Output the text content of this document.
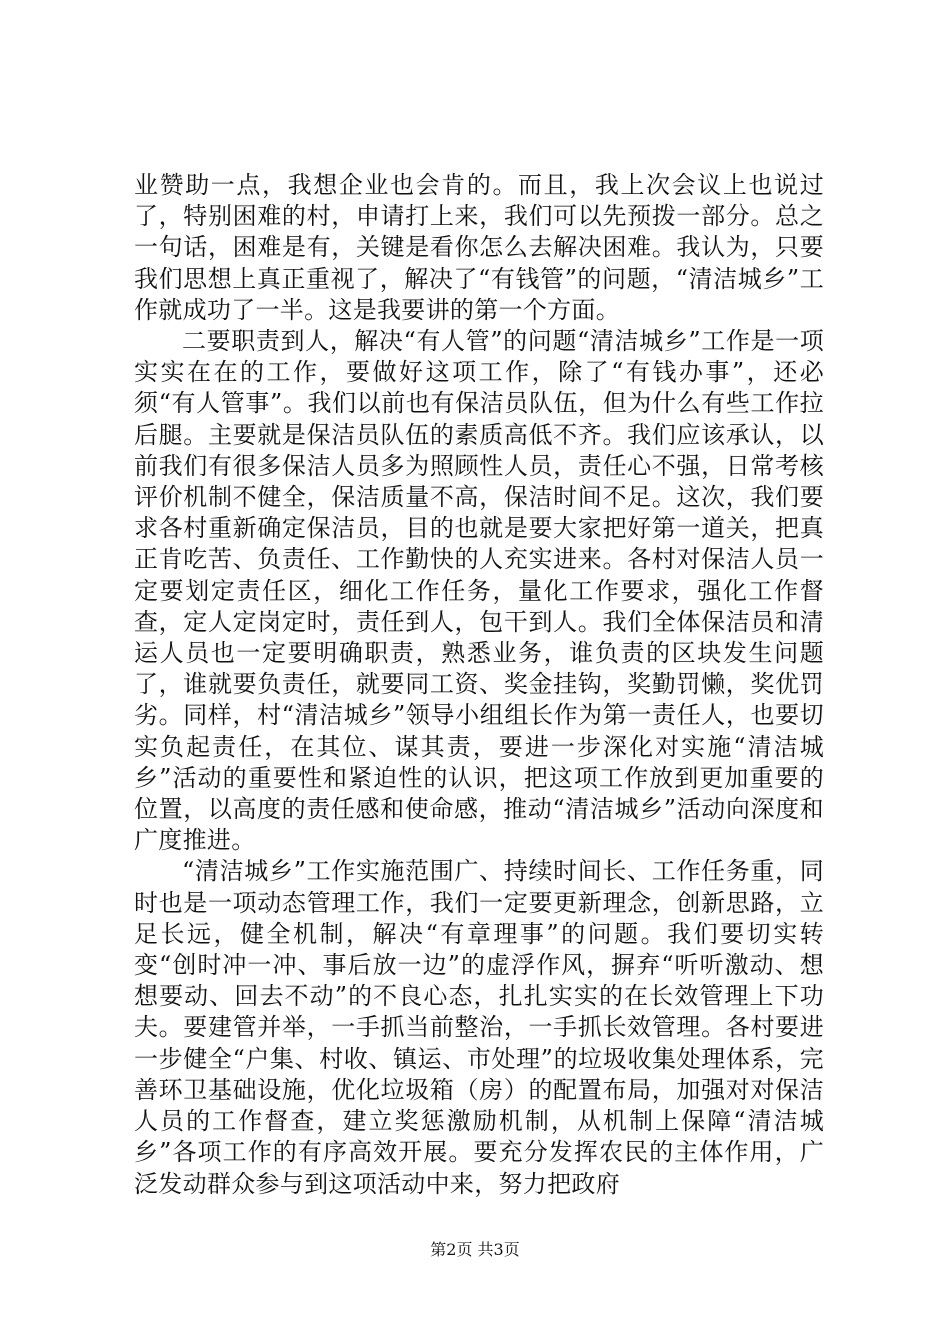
业赞助一点，我想企业也会肯的。而且，我上次会议上也说过了，特别困难的村，申请打上来，我们可以先预拨一部分。总之一句话，困难是有，关键是看你怎么去解决困难。我认为，只要我们思想上真正重视了，解决了“有钱管”的问题，“清洁城乡”工作就成功了一半。这是我要讲的第一个方面。

二要职责到人，解决“有人管”的问题“清洁城乡”工作是一项实实在在的工作，要做好这项工作，除了“有钱办事”，还必须“有人管事”。我们以前也有保洁员队伍，但为什么有些工作拉后腿。主要就是保洁员队伍的素质高低不齐。我们应该承认，以前我们有很多保洁人员多为照顾性人员，责任心不强，日常考核评价机制不健全，保洁质量不高，保洁时间不足。这次，我们要求各村重新确定保洁员，目的也就是要大家把好第一道关，把真正肯吃苦、负责任、工作勤快的人充实进来。各村对保洁人员一定要划定责任区，细化工作任务，量化工作要求，强化工作督查，定人定岗定时，责任到人，包干到人。我们全体保洁员和清运人员也一定要明确职责，熟悉业务，谁负责的区块发生问题了，谁就要负责任，就要同工资、奖金挂钩，奖勤罚懒，奖优罚劣。同样，村“清洁城乡”领导小组组长作为第一责任人，也要切实负起责任，在其位、谋其责，要进一步深化对实施“清洁城乡”活动的重要性和紧迫性的认识，把这项工作放到更加重要的位置，以高度的责任感和使命感，推动“清洁城乡”活动向深度和广度推进。

“清洁城乡”工作实施范围广、持续时间长、工作任务重，同时也是一项动态管理工作，我们一定要更新理念，创新思路，立足长远，健全机制，解决“有章理事”的问题。我们要切实转变“创时冲一冲、事后放一边”的虚浮作风，摒弃“听听激动、想想要动、回去不动”的不良心态，扎扎实实的在长效管理上下功夫。要建管并举，一手抓当前整治，一手抓长效管理。各村要进一步健全“户集、村收、镇运、市处理”的垃圾收集处理体系，完善环卫基础设施，优化垃圾箱（房）的配置布局，加强对对保洁人员的工作督查，建立奖惩激励机制，从机制上保障“清洁城乡”各项工作的有序高效开展。要充分发挥农民的主体作用，广泛发动群众参与到这项活动中来，努力把政府

第2页 共3页
